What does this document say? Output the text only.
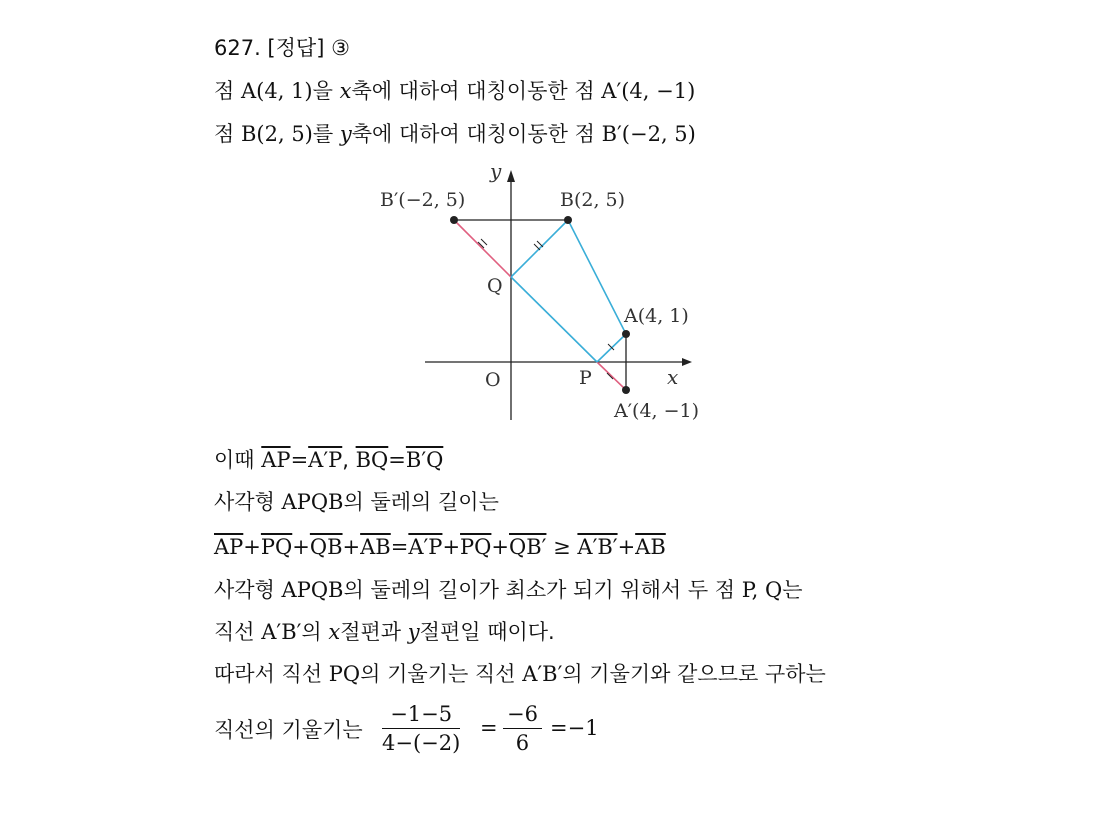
627. [정답] ③
점 A(4, 1)을 x축에 대하여 대칭이동한 점 A′(4, −1)
점 B(2, 5)를 y축에 대하여 대칭이동한 점 B′(−2, 5)
y
x
O	P
Q
B′(−2, 5)	B(2, 5)
A(4, 1)
A′(4, −1)
이때 $\overline{AP}=A'P$, $\overline{BQ}=B'Q$
사각형 APQB의 둘레의 길이는
$\overline{AP}+\overline{PQ}+\overline{QB}+\overline{AB}=A'P+\overline{PQ}+QB' \ge A'B'+\overline{AB}$
사각형 APQB의 둘레의 길이가 최소가 되기 위해서 두 점 P, Q는
직선 A′B′의 x절편과 y절편일 때이다.
따라서 직선 PQ의 기울기는 직선 A′B′의 기울기와 같으므로 구하는
직선의 기울기는 $\frac{-1-5}{4-(-2)} = \frac{-6}{6} =-1$
